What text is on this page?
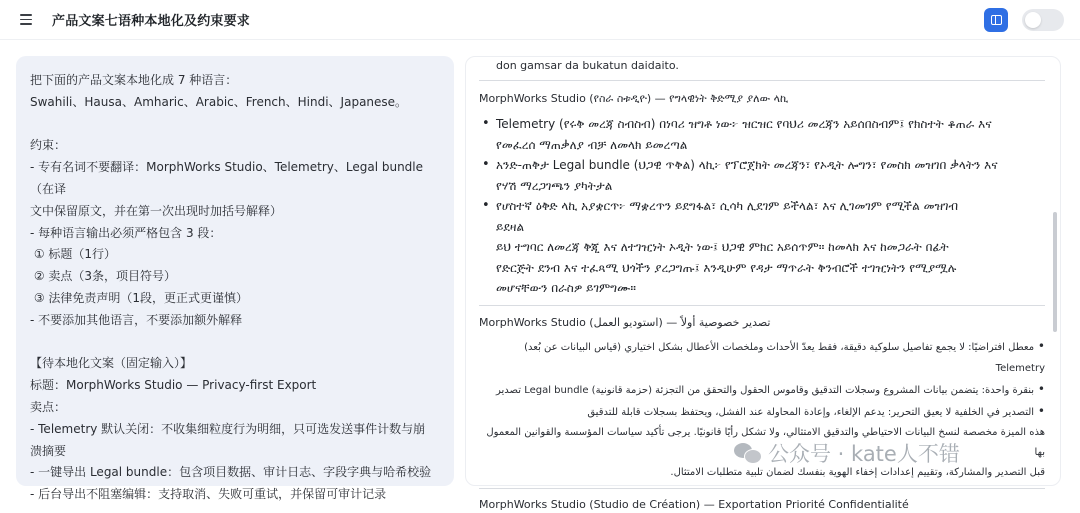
产品文案七语种本地化及约束要求
把下面的产品文案本地化成 7 种语言：
Swahili、Hausa、Amharic、Arabic、French、Hindi、Japanese。
约束：
- 专有名词不要翻译：MorphWorks Studio、Telemetry、Legal bundle（在译
文中保留原文，并在第一次出现时加括号解释）
- 每种语言输出必须严格包含 3 段：
① 标题（1行）
② 卖点（3条，项目符号）
③ 法律免责声明（1段，更正式更谨慎）
- 不要添加其他语言，不要添加额外解释
【待本地化文案（固定输入）】
标题：MorphWorks Studio — Privacy-first Export
卖点：
- Telemetry 默认关闭：不收集细粒度行为明细，只可选发送事件计数与崩
溃摘要
- 一键导出 Legal bundle：包含项目数据、审计日志、字段字典与哈希校验
- 后台导出不阻塞编辑：支持取消、失败可重试，并保留可审计记录
don gamsar da bukatun daidaito.
MorphWorks Studio (የስራ ስቱዲዮ) — የግላዊነት ቅድሚያ ያለው ላኪ
• Telemetry (የሩቅ መረጃ ስብስብ) በነባሪ ዝግቶ ነው፦ ዝርዝር የባህሪ መረጃን አይሰበስብም፤ የክስተት ቆጠራ እና
የመፈረሰ ማጠቃለያ ብቻ ለመላክ ይመረጣል
• አንድ-ጠቅታ Legal bundle (ህጋዊ ጥቅል) ላኪ፦ የፕሮጀክት መረጃን፣ የኦዲት ሎግን፣ የመስክ መዝገበ ቃላትን እና
የሃሽ ማረጋገጫን ያካትታል
• የሆስተኛ ዕቅድ ላኪ አያቋርጥ፦ ማቋረጥን ይደግፋል፣ ሲሳካ ሊደገም ይችላል፣ እና ሊገመገም የሚችል መዝገብ
ይደዛል
ይህ ተግባር ለመረጃ ቅጂ እና ለተገዢነት ኦዲት ነው፤ ህጋዊ ምክር አይሰጥም። ከመላክ እና ከመጋራት በፊት
የድርጅት ደንብ እና ተፈጻሚ ህጎችን ያረጋግጡ፤ እንዲሁም የዳታ ማጥራት ቅንብሮች ተገዢነትን የሚያሟሉ
መሆናቸውን በራስዎ ይገምግሙ።
MorphWorks Studio (استوديو العمل) — تصدير خصوصية أولاً
• معطل افتراضيًا: لا يجمع تفاصيل سلوكية دقيقة، فقط يعدّ الأحداث وملخصات الأعطال بشكل اختياري (قياس البيانات عن بُعد) Telemetry
• بنقرة واحدة: يتضمن بيانات المشروع وسجلات التدقيق وقاموس الحقول والتحقق من التجزئة (حزمة قانونية) Legal bundle تصدير
• التصدير في الخلفية لا يعيق التحرير: يدعم الإلغاء، وإعادة المحاولة عند الفشل، ويحتفظ بسجلات قابلة للتدقيق
هذه الميزة مخصصة لنسخ البيانات الاحتياطي والتدقيق الامتثالي، ولا تشكل رأيًا قانونيًا. يرجى تأكيد سياسات المؤسسة والقوانين المعمول بها
قبل التصدير والمشاركة، وتقييم إعدادات إخفاء الهوية بنفسك لضمان تلبية متطلبات الامتثال.
MorphWorks Studio (Studio de Création) — Exportation Priorité Confidentialité
公众号 · kate人不错
